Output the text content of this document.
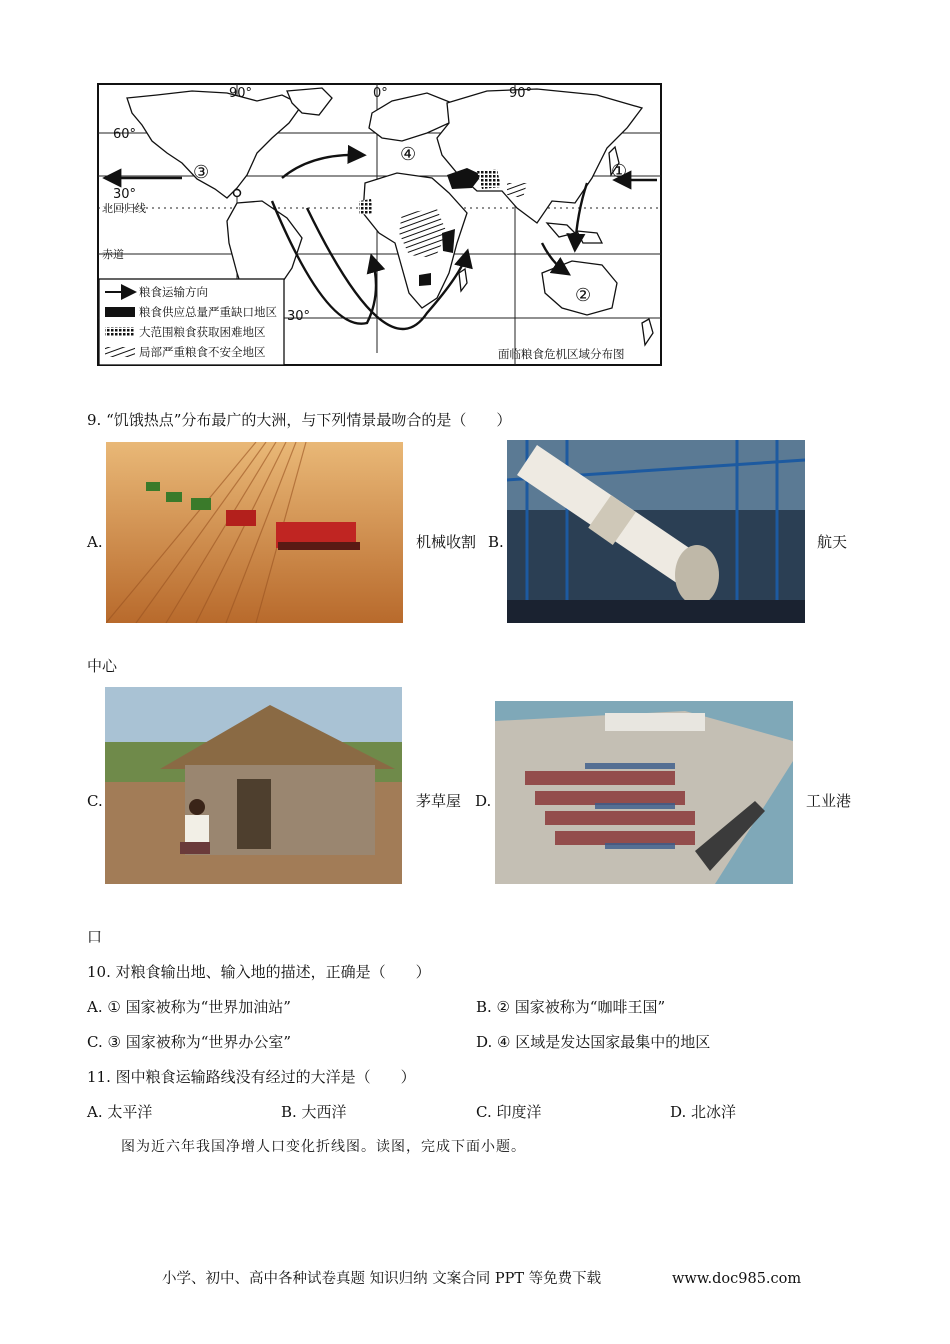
90°	0°	90°
60°
30°
30°
北回归线
赤道
①
②
③
④
粮食运输方向
粮食供应总量严重缺口地区
大范围粮食获取困难地区
局部严重粮食不安全地区	面临粮食危机区域分布图
9. “饥饿热点”分布最广的大洲，与下列情景最吻合的是（　　）
A.	机械收割 B.	航天
中心
C.	茅草屋 D.	工业港
口
10. 对粮食输出地、输入地的描述，正确是（　　）
A. ① 国家被称为“世界加油站”	B. ② 国家被称为“咖啡王国”
C. ③ 国家被称为“世界办公室”	D. ④ 区域是发达国家最集中的地区
11. 图中粮食运输路线没有经过的大洋是（　　）
A. 太平洋	B. 大西洋	C. 印度洋	D. 北冰洋
图为近六年我国净增人口变化折线图。读图，完成下面小题。
小学、初中、高中各种试卷真题 知识归纳 文案合同 PPT 等免费下载	www.doc985.com
